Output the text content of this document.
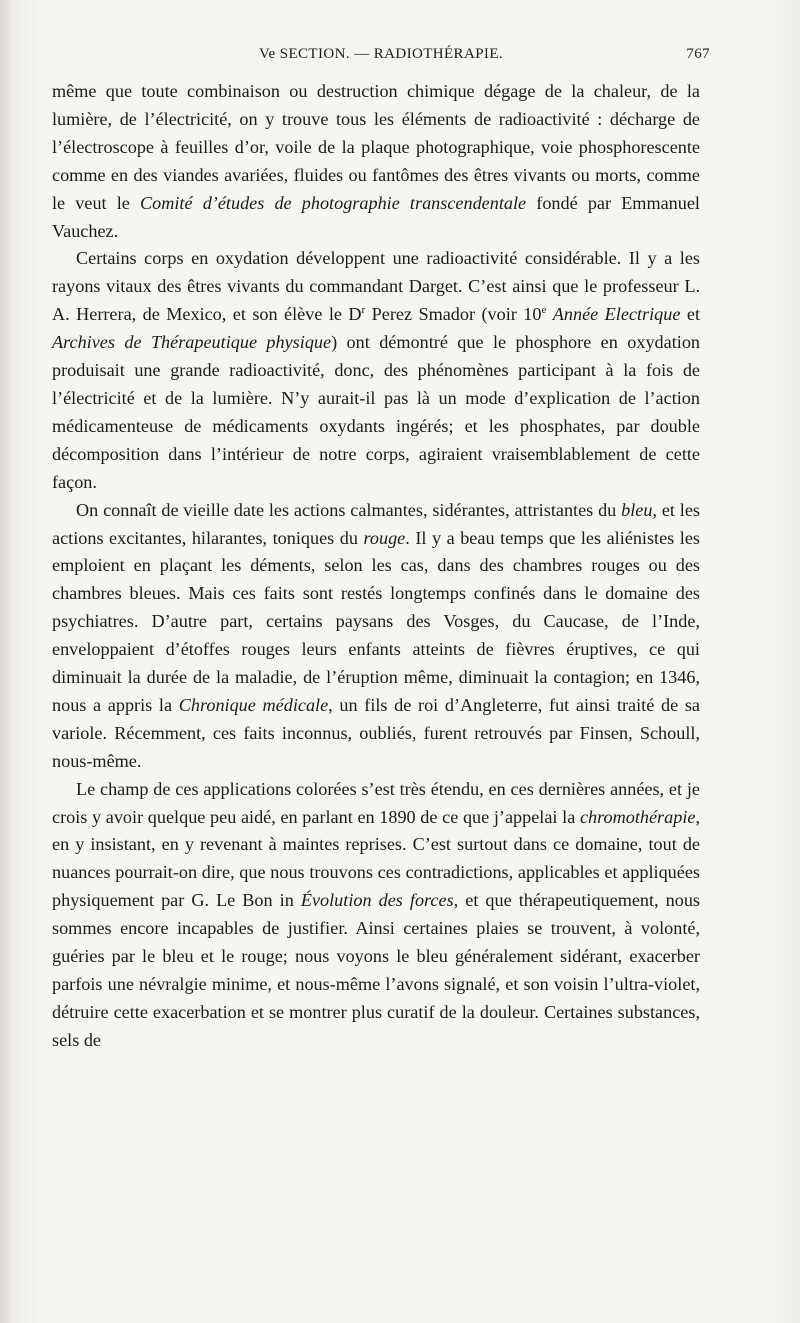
Ve SECTION. — RADIOTHÉRAPIE.	767

même que toute combinaison ou destruction chimique dégage de la chaleur, de la lumière, de l’électricité, on y trouve tous les éléments de radioactivité : décharge de l’électroscope à feuilles d’or, voile de la plaque photographique, voie phosphorescente comme en des viandes avariées, fluides ou fantômes des êtres vivants ou morts, comme le veut le Comité d’études de photographie transcendentale fondé par Emmanuel Vauchez.

Certains corps en oxydation développent une radioactivité considérable. Il y a les rayons vitaux des êtres vivants du commandant Darget. C’est ainsi que le professeur L. A. Herrera, de Mexico, et son élève le $D^r$ Perez Smador (voir 10e Année Electrique et Archives de Thérapeutique physique) ont démontré que le phosphore en oxydation produisait une grande radioactivité, donc, des phénomènes participant à la fois de l’électricité et de la lumière. N’y aurait-il pas là un mode d’explication de l’action médicamenteuse de médicaments oxydants ingérés; et les phosphates, par double décomposition dans l’intérieur de notre corps, agiraient vraisemblablement de cette façon.

On connaît de vieille date les actions calmantes, sidérantes, attristantes du bleu, et les actions excitantes, hilarantes, toniques du rouge. Il y a beau temps que les aliénistes les emploient en plaçant les déments, selon les cas, dans des chambres rouges ou des chambres bleues. Mais ces faits sont restés longtemps confinés dans le domaine des psychiatres. D’autre part, certains paysans des Vosges, du Caucase, de l’Inde, enveloppaient d’étoffes rouges leurs enfants atteints de fièvres éruptives, ce qui diminuait la durée de la maladie, de l’éruption même, diminuait la contagion; en 1346, nous a appris la Chronique médicale, un fils de roi d’Angleterre, fut ainsi traité de sa variole. Récemment, ces faits inconnus, oubliés, furent retrouvés par Finsen, Schoull, nous-même.

Le champ de ces applications colorées s’est très étendu, en ces dernières années, et je crois y avoir quelque peu aidé, en parlant en 1890 de ce que j’appelai la chromothérapie, en y insistant, en y revenant à maintes reprises. C’est surtout dans ce domaine, tout de nuances pourrait-on dire, que nous trouvons ces contradictions, applicables et appliquées physiquement par G. Le Bon in Évolution des forces, et que thérapeutiquement, nous sommes encore incapables de justifier. Ainsi certaines plaies se trouvent, à volonté, guéries par le bleu et le rouge; nous voyons le bleu généralement sidérant, exacerber parfois une névralgie minime, et nous-même l’avons signalé, et son voisin l’ultra-violet, détruire cette exacerbation et se montrer plus curatif de la douleur. Certaines substances, sels de
